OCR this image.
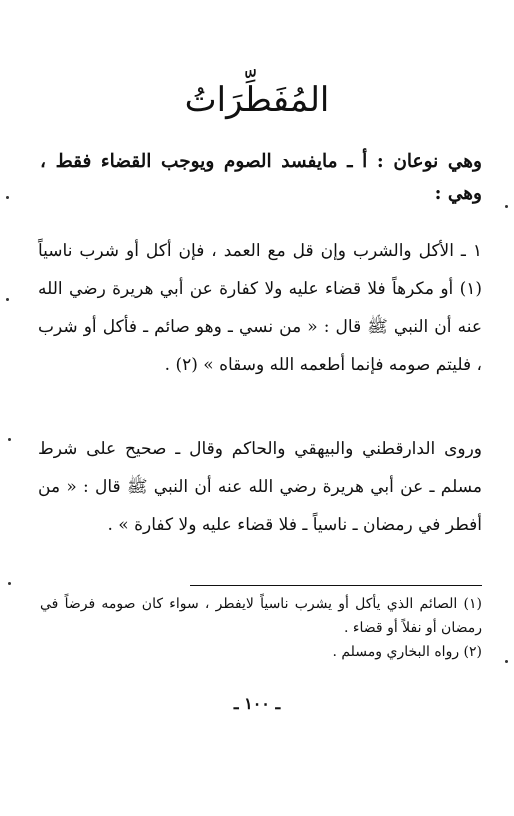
المُفَطِّرَاتُ
وهي نوعان : أ ـ مايفسد الصوم ويوجب القضاء فقط ، وهي :
١ ـ الأكل والشرب وإن قل مع العمد ، فإن أكل أو شرب ناسياً (١) أو مكرهاً فلا قضاء عليه ولا كفارة عن أبي هريرة رضي الله عنه أن النبي ﷺ قال : « من نسي ـ وهو صائم ـ فأكل أو شرب ، فليتم صومه فإنما أطعمه الله وسقاه » (٢) .
وروى الدارقطني والبيهقي والحاكم وقال ـ صحيح على شرط مسلم ـ عن أبي هريرة رضي الله عنه أن النبي ﷺ قال : « من أفطر في رمضان ـ ناسياً ـ فلا قضاء عليه ولا كفارة » .

(١) الصائم الذي يأكل أو يشرب ناسياً لايفطر ، سواء كان صومه فرضاً في رمضان أو نفلاً أو قضاء .

(٢) رواه البخاري ومسلم .

ـ ١٠٠ ـ
